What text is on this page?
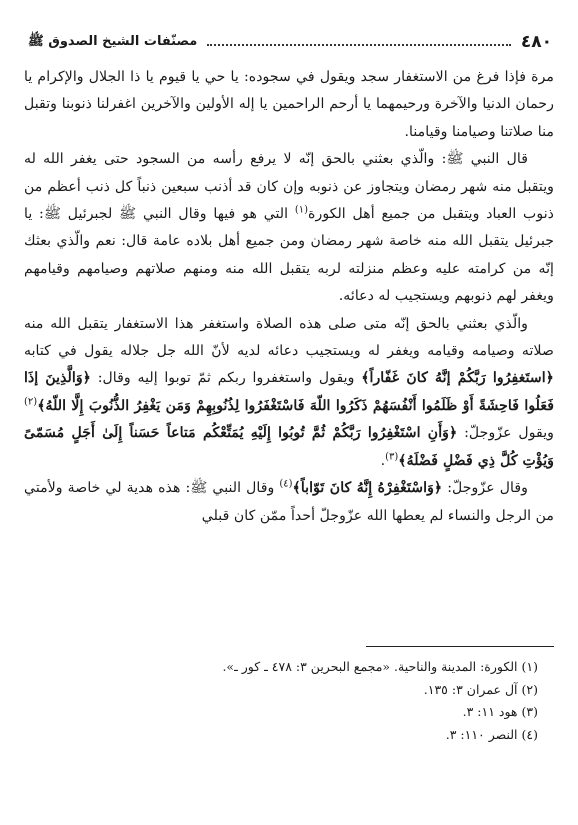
٤٨٠
مصنّفات الشيخ الصدوق ﷺ

مرة فإذا فرغ من الاستغفار سجد ويقول في سجوده: يا حي يا قيوم يا ذا الجلال والإكرام يا رحمان الدنيا والآخرة ورحيمهما يا أرحم الراحمين يا إله الأولين والآخرين اغفرلنا ذنوبنا وتقبل منا صلاتنا وصيامنا وقيامنا.

قال النبي ﷺ: والّذي بعثني بالحق إنّه لا يرفع رأسه من السجود حتى يغفر الله له ويتقبل منه شهر رمضان ويتجاوز عن ذنوبه وإن كان قد أذنب سبعين ذنباً كل ذنب أعظم من ذنوب العباد ويتقبل من جميع أهل الكورة$^{(١)}$ التي هو فيها وقال النبي ﷺ لجبرئيل ﷺ: يا جبرئيل يتقبل الله منه خاصة شهر رمضان ومن جميع أهل بلاده عامة قال: نعم والّذي بعثك إنّه من كرامته عليه وعظم منزلته لربه يتقبل الله منه ومنهم صلاتهم وصيامهم وقيامهم ويغفر لهم ذنوبهم ويستجيب له دعائه.

والّذي بعثني بالحق إنّه متى صلى هذه الصلاة واستغفر هذا الاستغفار يتقبل الله منه صلاته وصيامه وقيامه ويغفر له ويستجيب دعائه لديه لأنّ الله جل جلاله يقول في كتابه ﴿استَغفِرُوا رَبَّكُمْ إنَّهُ كانَ غَفّاراً﴾ ويقول واستغفروا ربكم ثمّ توبوا إليه وقال: ﴿وَالَّذِينَ إذَا فَعَلُوا فَاحِشَةً أَوْ ظَلَمُوا أَنْفُسَهُمْ ذَكَرُوا اللّهَ فَاسْتَغْفَرُوا لِذُنُوبِهِمْ وَمَن يَغْفِرُ الذُّنُوبَ إِلَّا اللّهُ﴾$^{(٢)}$ ويقول عزّوجلّ: ﴿وَأَنِ اسْتَغْفِرُوا رَبَّكُمْ ثُمَّ تُوبُوا إِلَيْهِ يُمَتِّعْكُم مَتاعاً حَسَناً إِلَىٰ أَجَلٍ مُسَمّىً وَيُؤْتِ كُلَّ ذِي فَضْلٍ فَضْلَهُ﴾$^{(٣)}$.

وقال عزّوجلّ: ﴿وَاسْتَغْفِرْهُ إِنَّهُ كانَ تَوّاباً﴾$^{(٤)}$ وقال النبي ﷺ: هذه هدية لي خاصة ولأمتي من الرجل والنساء لم يعطها الله عزّوجلّ أحداً ممّن كان قبلي

(١) الكورة: المدينة والناحية. «مجمع البحرين ٣: ٤٧٨ ـ كور ـ».
(٢) آل عمران ٣: ١٣٥.
(٣) هود ١١: ٣.
(٤) النصر ١١٠: ٣.
